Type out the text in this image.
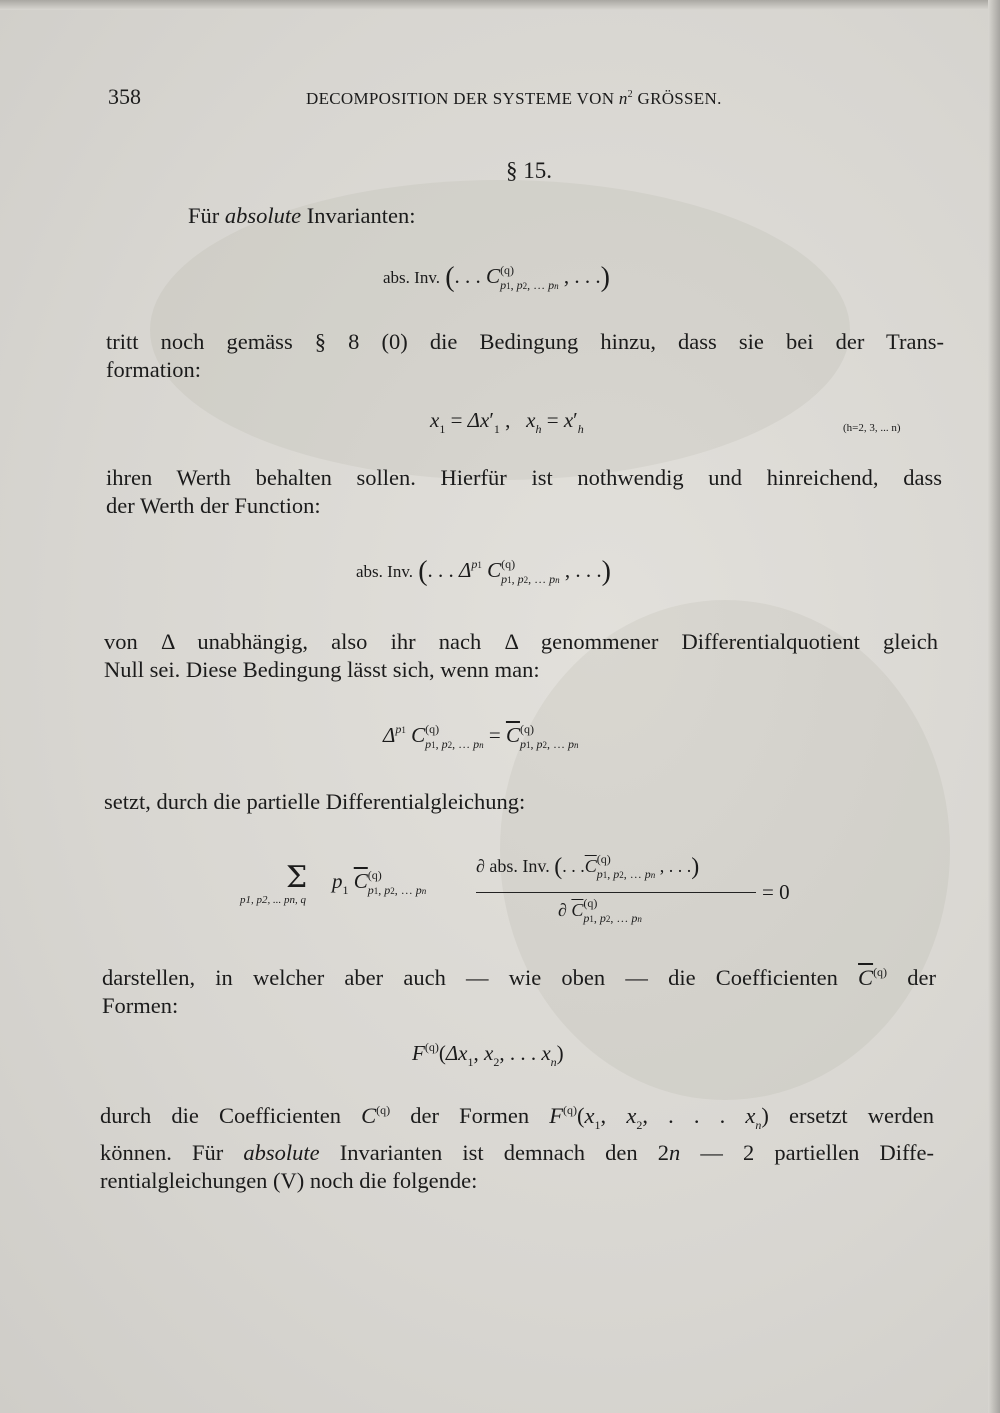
358	DECOMPOSITION DER SYSTEME VON $n^2$ GRÖSSEN.
§ 15.
Für absolute Invarianten:
abs. Inv. (. . . $C^{(q)}_{p1, p2, \dots pn}$ , . . .)
tritt noch gemäss § 8 (0) die Bedingung hinzu, dass sie bei der Trans-
formation:
$x_1 = \Delta x'_1$ ,   $x_h = x'_h$	(h=2, 3, ... n)
ihren Werth behalten sollen. Hierfür ist nothwendig und hinreichend, dass
der Werth der Function:
abs. Inv. (. . . $\Delta^{p1}$ $C^{(q)}_{p1, p2, \dots pn}$ , . . .)
von Δ unabhängig, also ihr nach Δ genommener Differentialquotient gleich
Null sei. Diese Bedingung lässt sich, wenn man:
$\Delta^{p1}$ $C^{(q)}_{p1, p2, \dots pn} = \overline{C}^{(q)}_{p1, p2, \dots pn}$
setzt, durch die partielle Differentialgleichung:
Σ $p_1$ $\overline{C}^{(q)}_{p1, p2, \dots pn}$
p1, p2, ... pn, q
∂ abs. Inv. (. . $.\overline{C}^{(q)}_{p1, p2, \dots pn}$ , . . .)
∂ $\overline{C}^{(q)}_{p1, p2, \dots pn}$
= 0
darstellen, in welcher aber auch — wie oben — die Coefficienten $\overline{C}^{(q)}$ der
Formen:
$F^{(q)}(\Delta x_1$, $x_2$, . . . $x_n$)
durch die Coefficienten $C^{(q)}$ der Formen $F^{(q)}(x_1$, $x_2$, . . . $x_n$) ersetzt werden
können. Für absolute Invarianten ist demnach den 2n — 2 partiellen Diffe-
rentialgleichungen (V) noch die folgende:
